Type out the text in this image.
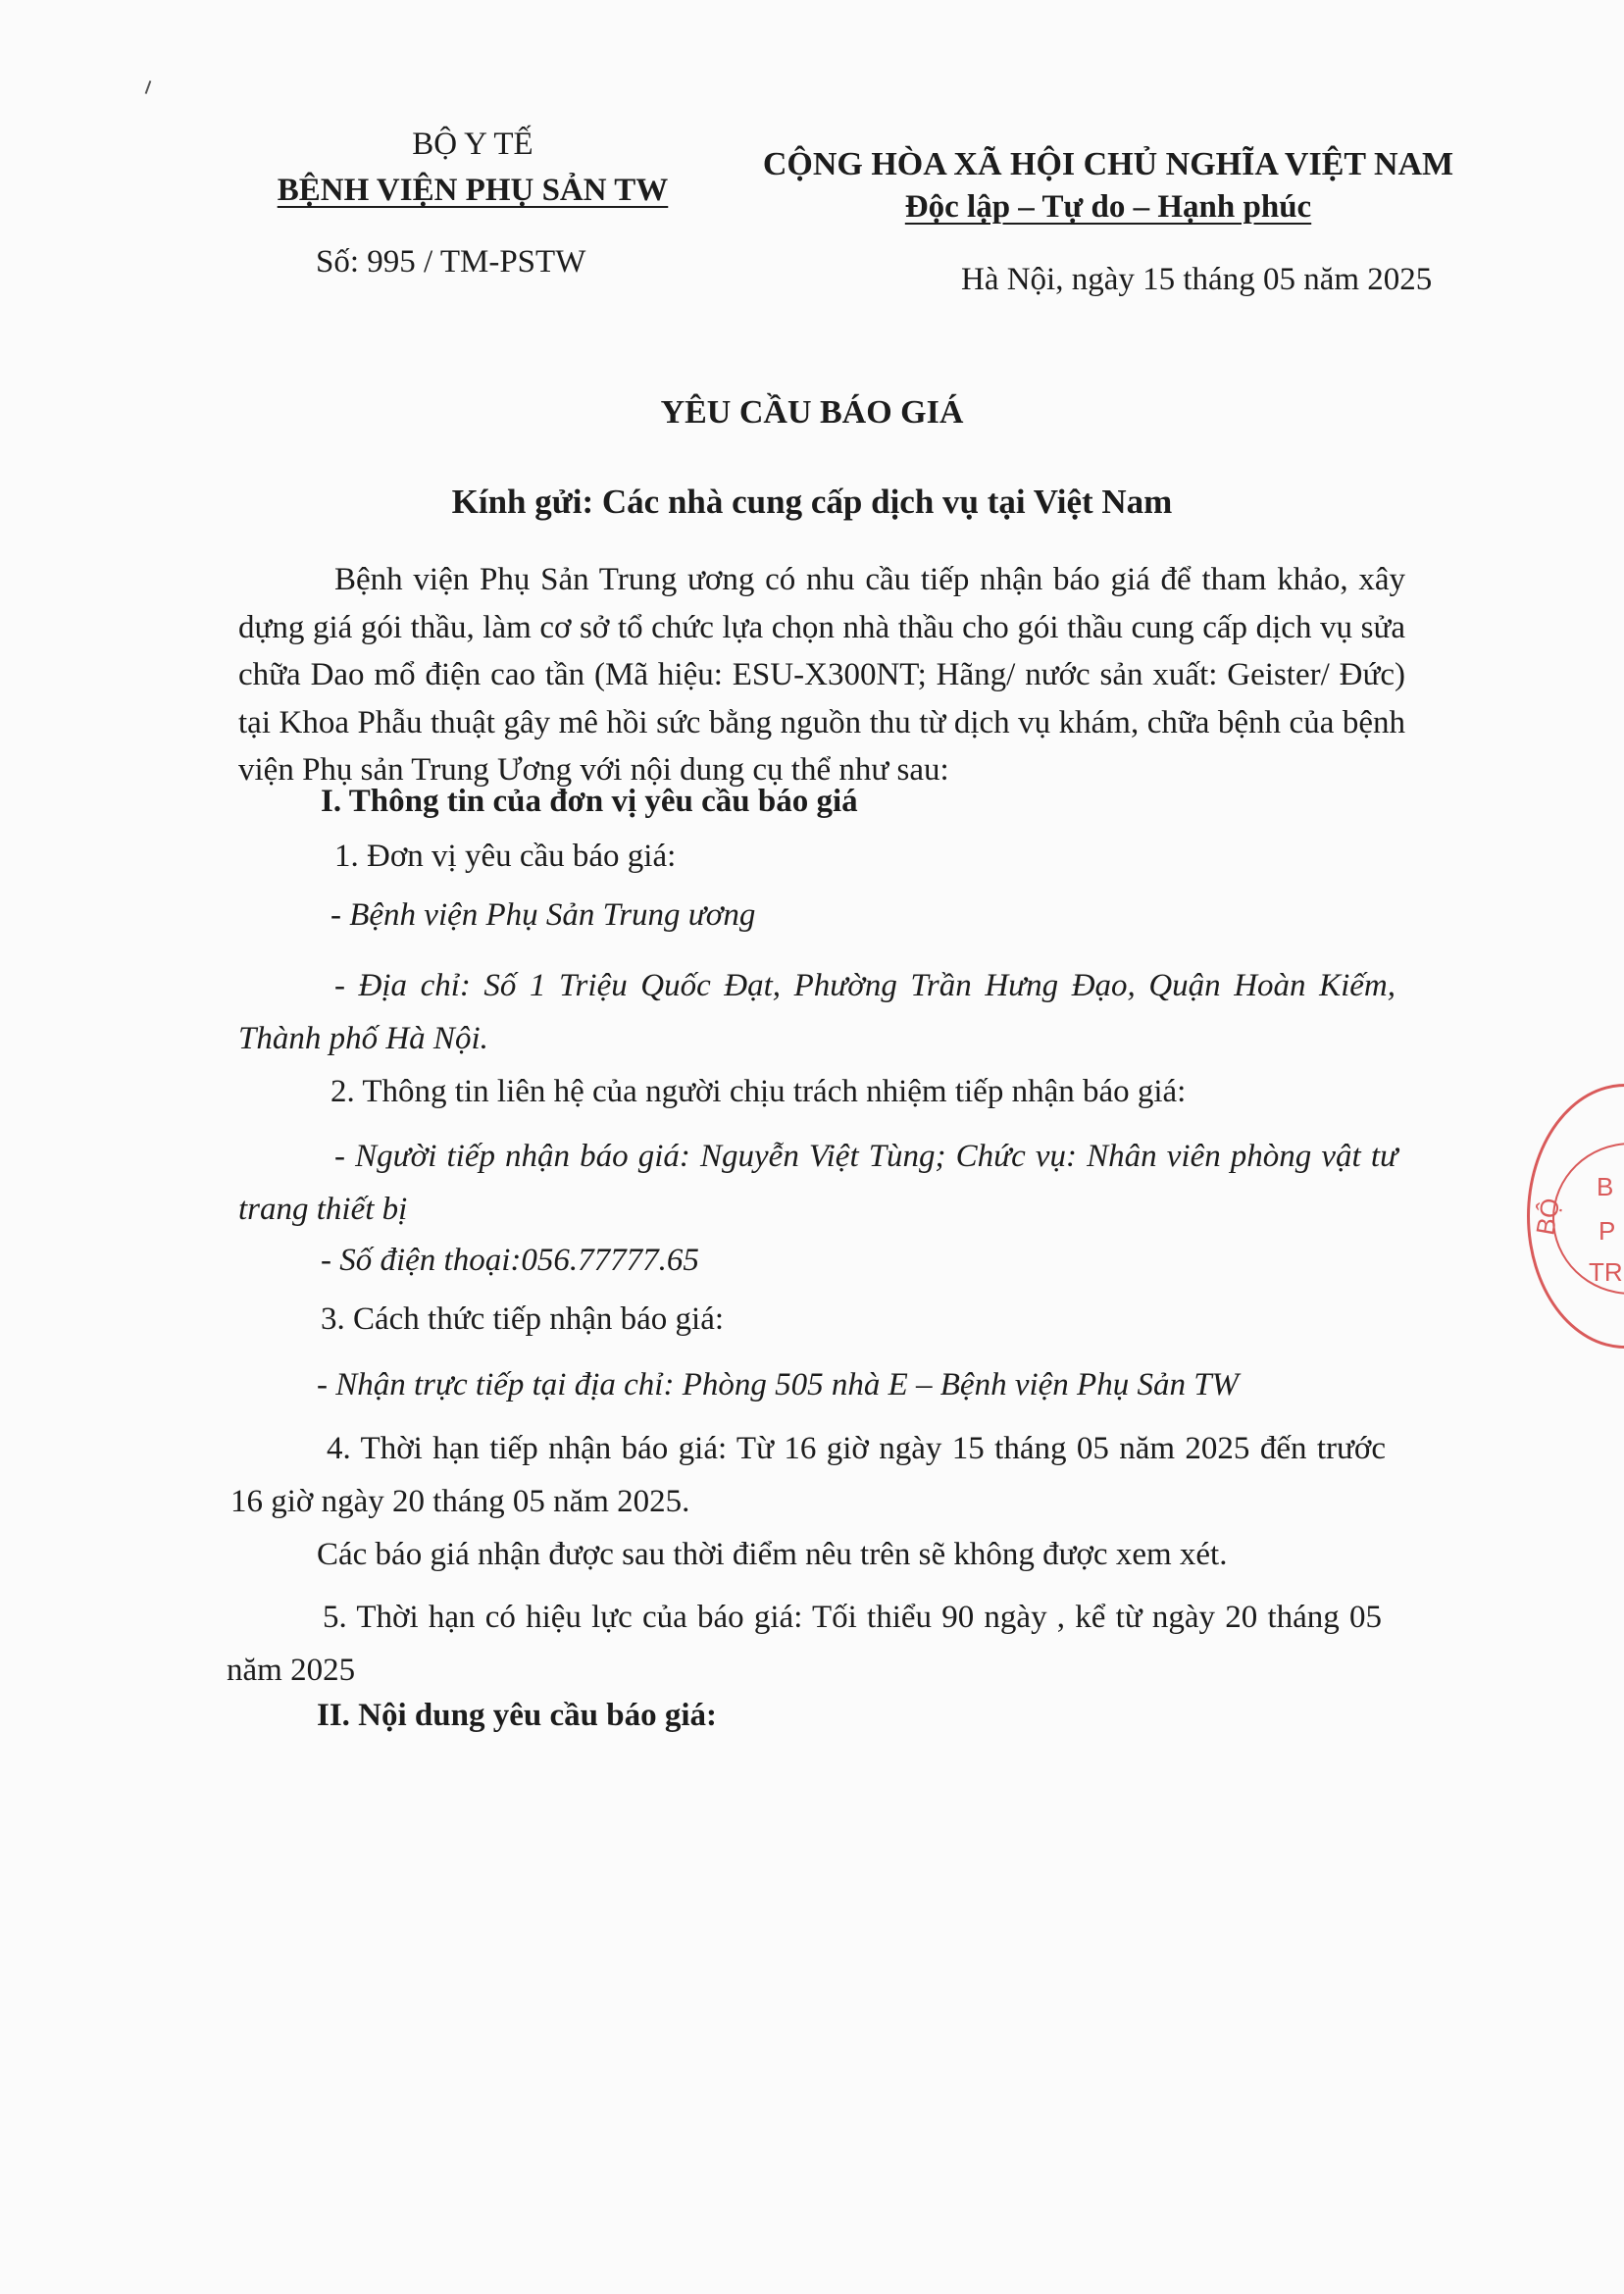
BỘ Y TẾ
BỆNH VIỆN PHỤ SẢN TW
Số: 995 / TM-PSTW
CỘNG HÒA XÃ HỘI CHỦ NGHĨA VIỆT NAM
Độc lập – Tự do – Hạnh phúc
Hà Nội, ngày 15 tháng 05 năm 2025
YÊU CẦU BÁO GIÁ
Kính gửi: Các nhà cung cấp dịch vụ tại Việt Nam

Bệnh viện Phụ Sản Trung ương có nhu cầu tiếp nhận báo giá để tham khảo, xây dựng giá gói thầu, làm cơ sở tổ chức lựa chọn nhà thầu cho gói thầu cung cấp dịch vụ sửa chữa Dao mổ điện cao tần (Mã hiệu: ESU-X300NT; Hãng/ nước sản xuất: Geister/ Đức) tại Khoa Phẫu thuật gây mê hồi sức bằng nguồn thu từ dịch vụ khám, chữa bệnh của bệnh viện Phụ sản Trung Ương với nội dung cụ thể như sau:

I. Thông tin của đơn vị yêu cầu báo giá
1. Đơn vị yêu cầu báo giá:
- Bệnh viện Phụ Sản Trung ương

- Địa chỉ: Số 1 Triệu Quốc Đạt, Phường Trần Hưng Đạo, Quận Hoàn Kiếm, Thành phố Hà Nội.

2. Thông tin liên hệ của người chịu trách nhiệm tiếp nhận báo giá:

- Người tiếp nhận báo giá: Nguyễn Việt Tùng; Chức vụ: Nhân viên phòng vật tư trang thiết bị

- Số điện thoại:056.77777.65
3. Cách thức tiếp nhận báo giá:
- Nhận trực tiếp tại địa chỉ: Phòng 505 nhà E – Bệnh viện Phụ Sản TW

4. Thời hạn tiếp nhận báo giá: Từ 16 giờ ngày 15 tháng 05 năm 2025 đến trước 16 giờ ngày 20 tháng 05 năm 2025.

Các báo giá nhận được sau thời điểm nêu trên sẽ không được xem xét.

5. Thời hạn có hiệu lực của báo giá: Tối thiểu 90 ngày , kể từ ngày 20 tháng 05 năm 2025

II. Nội dung yêu cầu báo giá:
BỘ
B
P
TR
